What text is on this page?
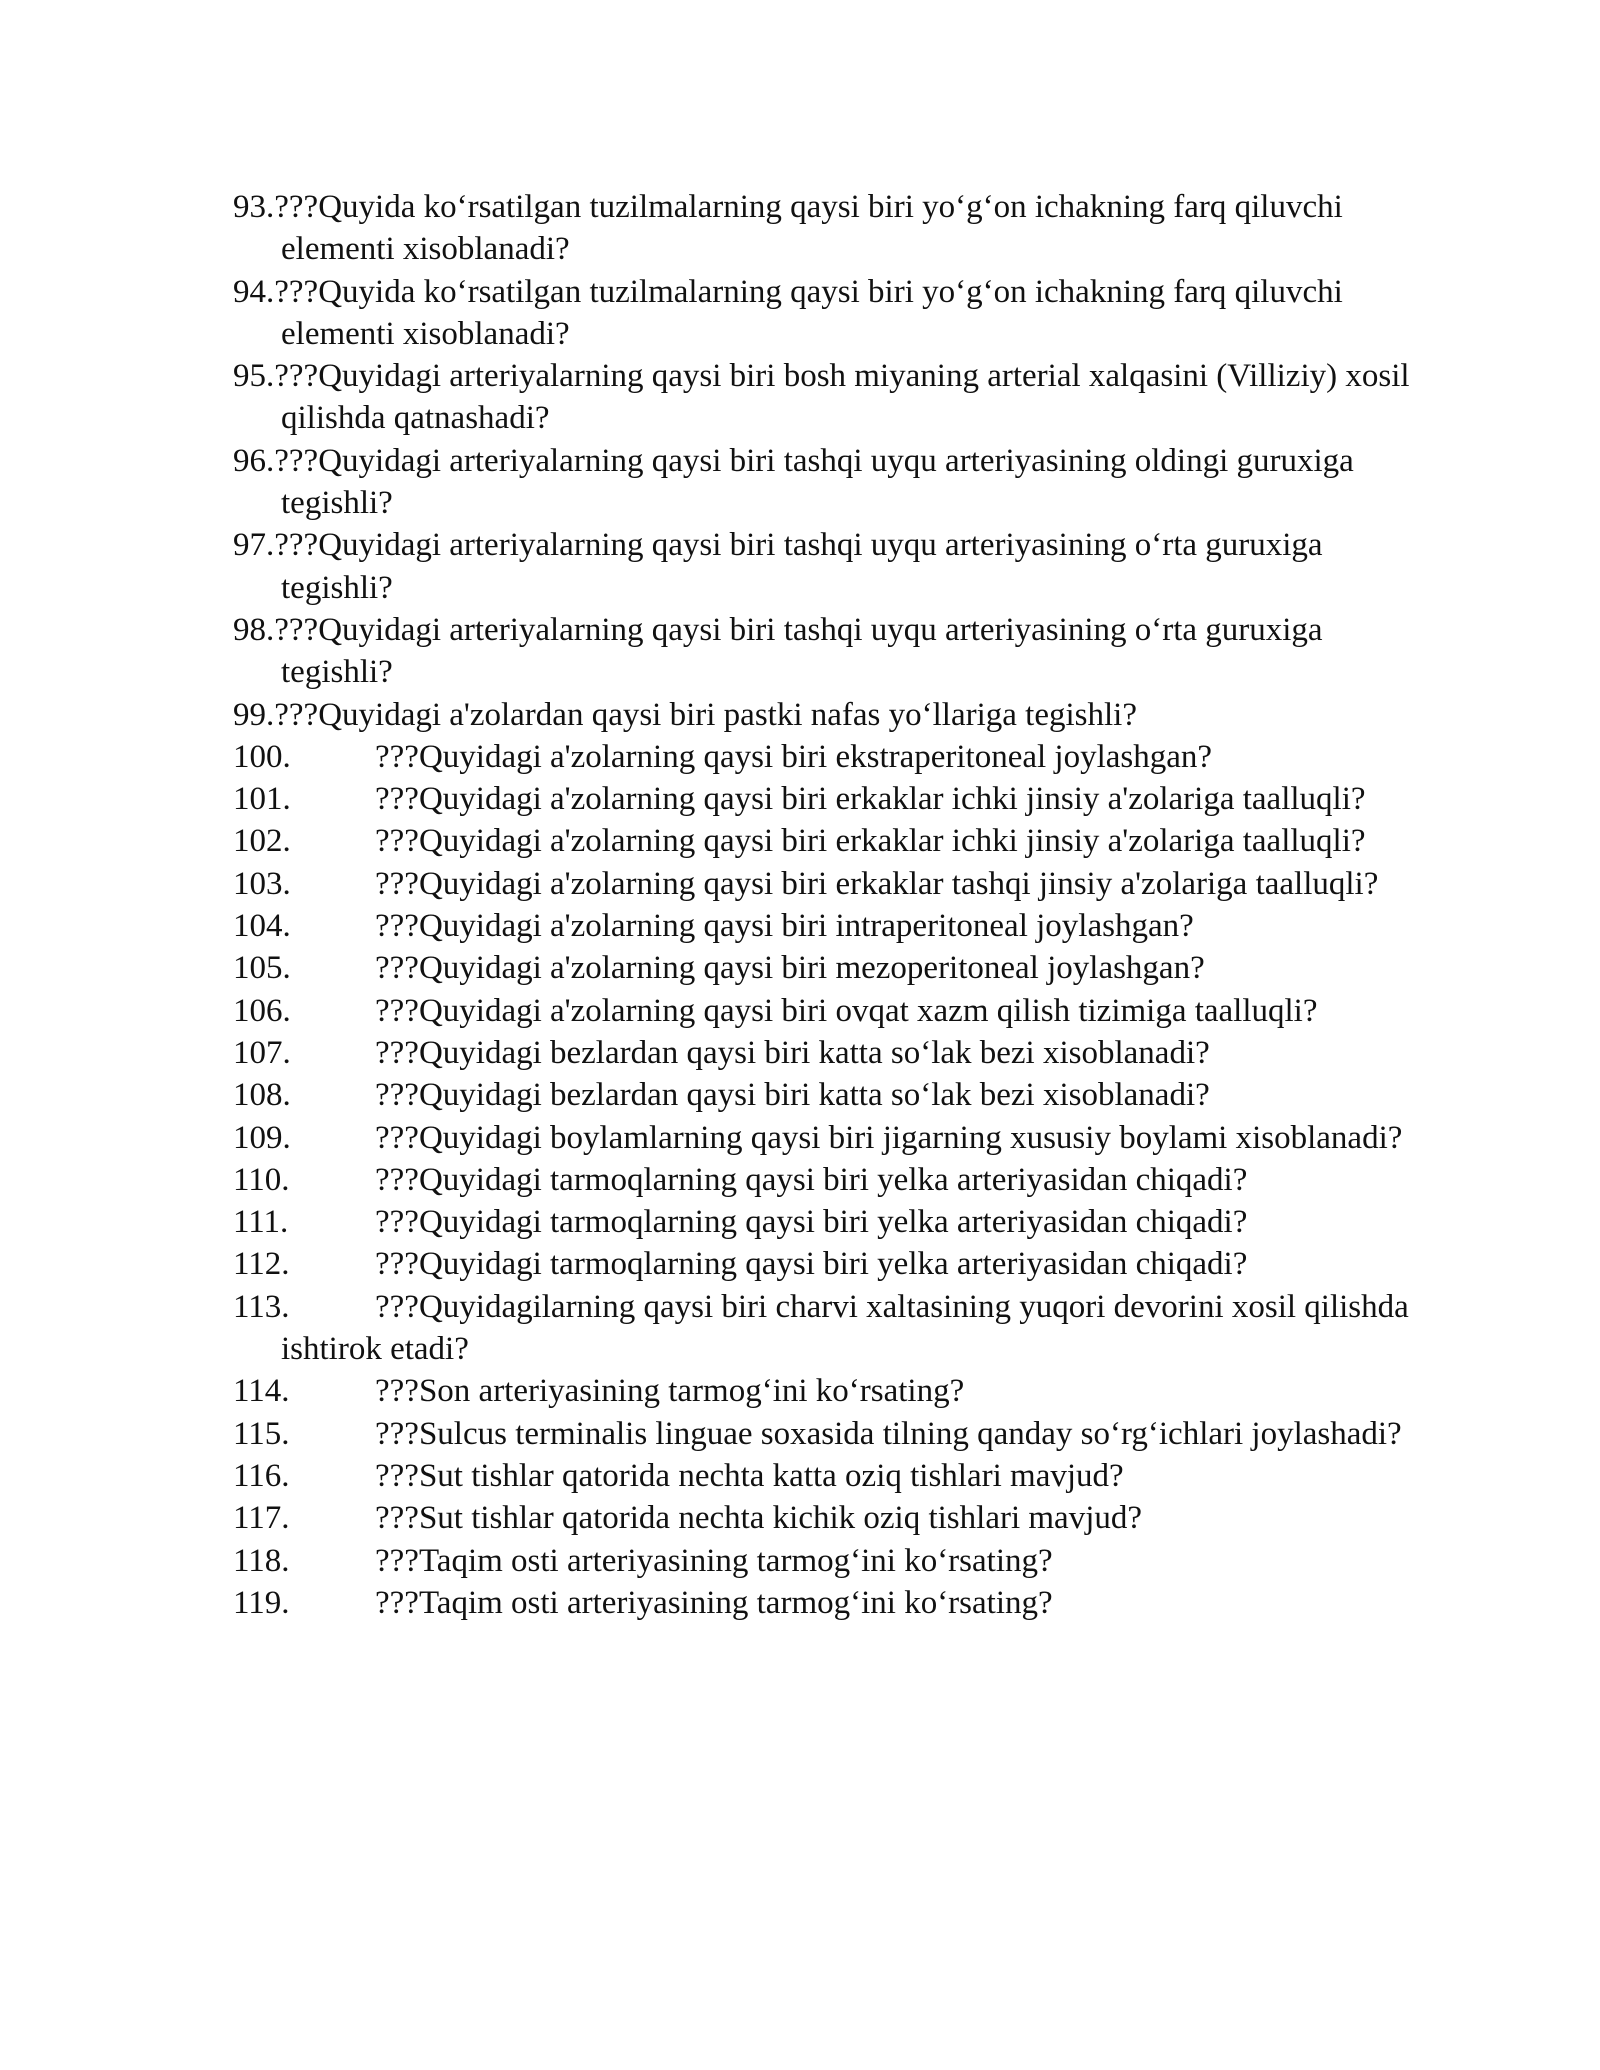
93.???Quyida ko‘rsatilgan tuzilmalarning qaysi biri yo‘g‘on ichakning farq qiluvchi elementi xisoblanadi?
94.???Quyida ko‘rsatilgan tuzilmalarning qaysi biri yo‘g‘on ichakning farq qiluvchi elementi xisoblanadi?
95.???Quyidagi arteriyalarning qaysi biri bosh miyaning arterial xalqasini (Villiziy) xosil qilishda qatnashadi?
96.???Quyidagi arteriyalarning qaysi biri tashqi uyqu arteriyasining oldingi guruxiga tegishli?
97.???Quyidagi arteriyalarning qaysi biri tashqi uyqu arteriyasining o‘rta guruxiga tegishli?
98.???Quyidagi arteriyalarning qaysi biri tashqi uyqu arteriyasining o‘rta guruxiga tegishli?
99.???Quyidagi a'zolardan qaysi biri pastki nafas yo‘llariga tegishli?
100.	???Quyidagi a'zolarning qaysi biri ekstraperitoneal joylashgan?
101.	???Quyidagi a'zolarning qaysi biri erkaklar ichki jinsiy a'zolariga taalluqli?
102.	???Quyidagi a'zolarning qaysi biri erkaklar ichki jinsiy a'zolariga taalluqli?
103.	???Quyidagi a'zolarning qaysi biri erkaklar tashqi jinsiy a'zolariga taalluqli?
104.	???Quyidagi a'zolarning qaysi biri intraperitoneal joylashgan?
105.	???Quyidagi a'zolarning qaysi biri mezoperitoneal joylashgan?
106.	???Quyidagi a'zolarning qaysi biri ovqat xazm qilish tizimiga taalluqli?
107.	???Quyidagi bezlardan qaysi biri katta so‘lak bezi xisoblanadi?
108.	???Quyidagi bezlardan qaysi biri katta so‘lak bezi xisoblanadi?
109.	???Quyidagi boylamlarning qaysi biri jigarning xususiy boylami xisoblanadi?
110.	???Quyidagi tarmoqlarning qaysi biri yelka arteriyasidan chiqadi?
111.	???Quyidagi tarmoqlarning qaysi biri yelka arteriyasidan chiqadi?
112.	???Quyidagi tarmoqlarning qaysi biri yelka arteriyasidan chiqadi?
113.	???Quyidagilarning qaysi biri charvi xaltasining yuqori devorini xosil qilishda ishtirok etadi?
114.	???Son arteriyasining tarmog‘ini ko‘rsating?
115.	???Sulcus terminalis linguae soxasida tilning qanday so‘rg‘ichlari joylashadi?
116.	???Sut tishlar qatorida nechta katta oziq tishlari mavjud?
117.	???Sut tishlar qatorida nechta kichik oziq tishlari mavjud?
118.	???Taqim osti arteriyasining tarmog‘ini ko‘rsating?
119.	???Taqim osti arteriyasining tarmog‘ini ko‘rsating?
